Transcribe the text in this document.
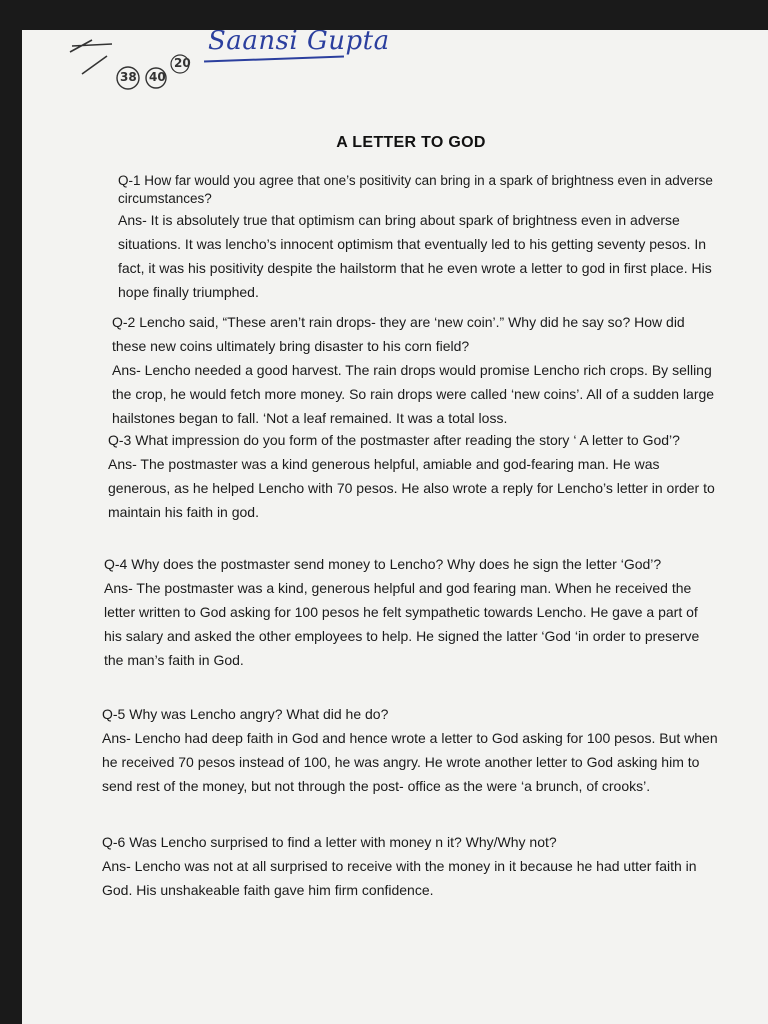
38 40
20
Saansi Gupta
A LETTER TO GOD

Q-1 How far would you agree that one’s positivity can bring in a spark of brightness even in adverse circumstances?

Ans- It is absolutely true that optimism can bring about spark of brightness even in adverse situations. It was lencho’s innocent optimism that eventually led to his getting seventy pesos. In fact, it was his positivity despite the hailstorm that he even wrote a letter to god in first place. His hope finally triumphed.

Q-2 Lencho said, “These aren’t rain drops- they are ‘new coin’.” Why did he say so? How did these new coins ultimately bring disaster to his corn field?

Ans- Lencho needed a good harvest. The rain drops would promise Lencho rich crops. By selling the crop, he would fetch more money. So rain drops were called ‘new coins’. All of a sudden large hailstones began to fall. ‘Not a leaf remained. It was a total loss.

Q-3 What impression do you form of the postmaster after reading the story ‘ A letter to God’?

Ans- The postmaster was a kind generous helpful, amiable and god-fearing man. He was generous, as he helped Lencho with 70 pesos. He also wrote a reply for Lencho’s letter in order to maintain his faith in god.

Q-4 Why does the postmaster send money to Lencho? Why does he sign the letter ‘God’?

Ans- The postmaster was a kind, generous helpful and god fearing man. When he received the letter written to God asking for 100 pesos he felt sympathetic towards Lencho. He gave a part of his salary and asked the other employees to help. He signed the latter ‘God ‘in order to preserve the man’s faith in God.

Q-5 Why was Lencho angry? What did he do?

Ans- Lencho had deep faith in God and hence wrote a letter to God asking for 100 pesos. But when he received 70 pesos instead of 100, he was angry. He wrote another letter to God asking him to send rest of the money, but not through the post- office as the were ‘a brunch, of crooks’.

Q-6 Was Lencho surprised to find a letter with money n it? Why/Why not?

Ans- Lencho was not at all surprised to receive with the money in it because he had utter faith in God. His unshakeable faith gave him firm confidence.
